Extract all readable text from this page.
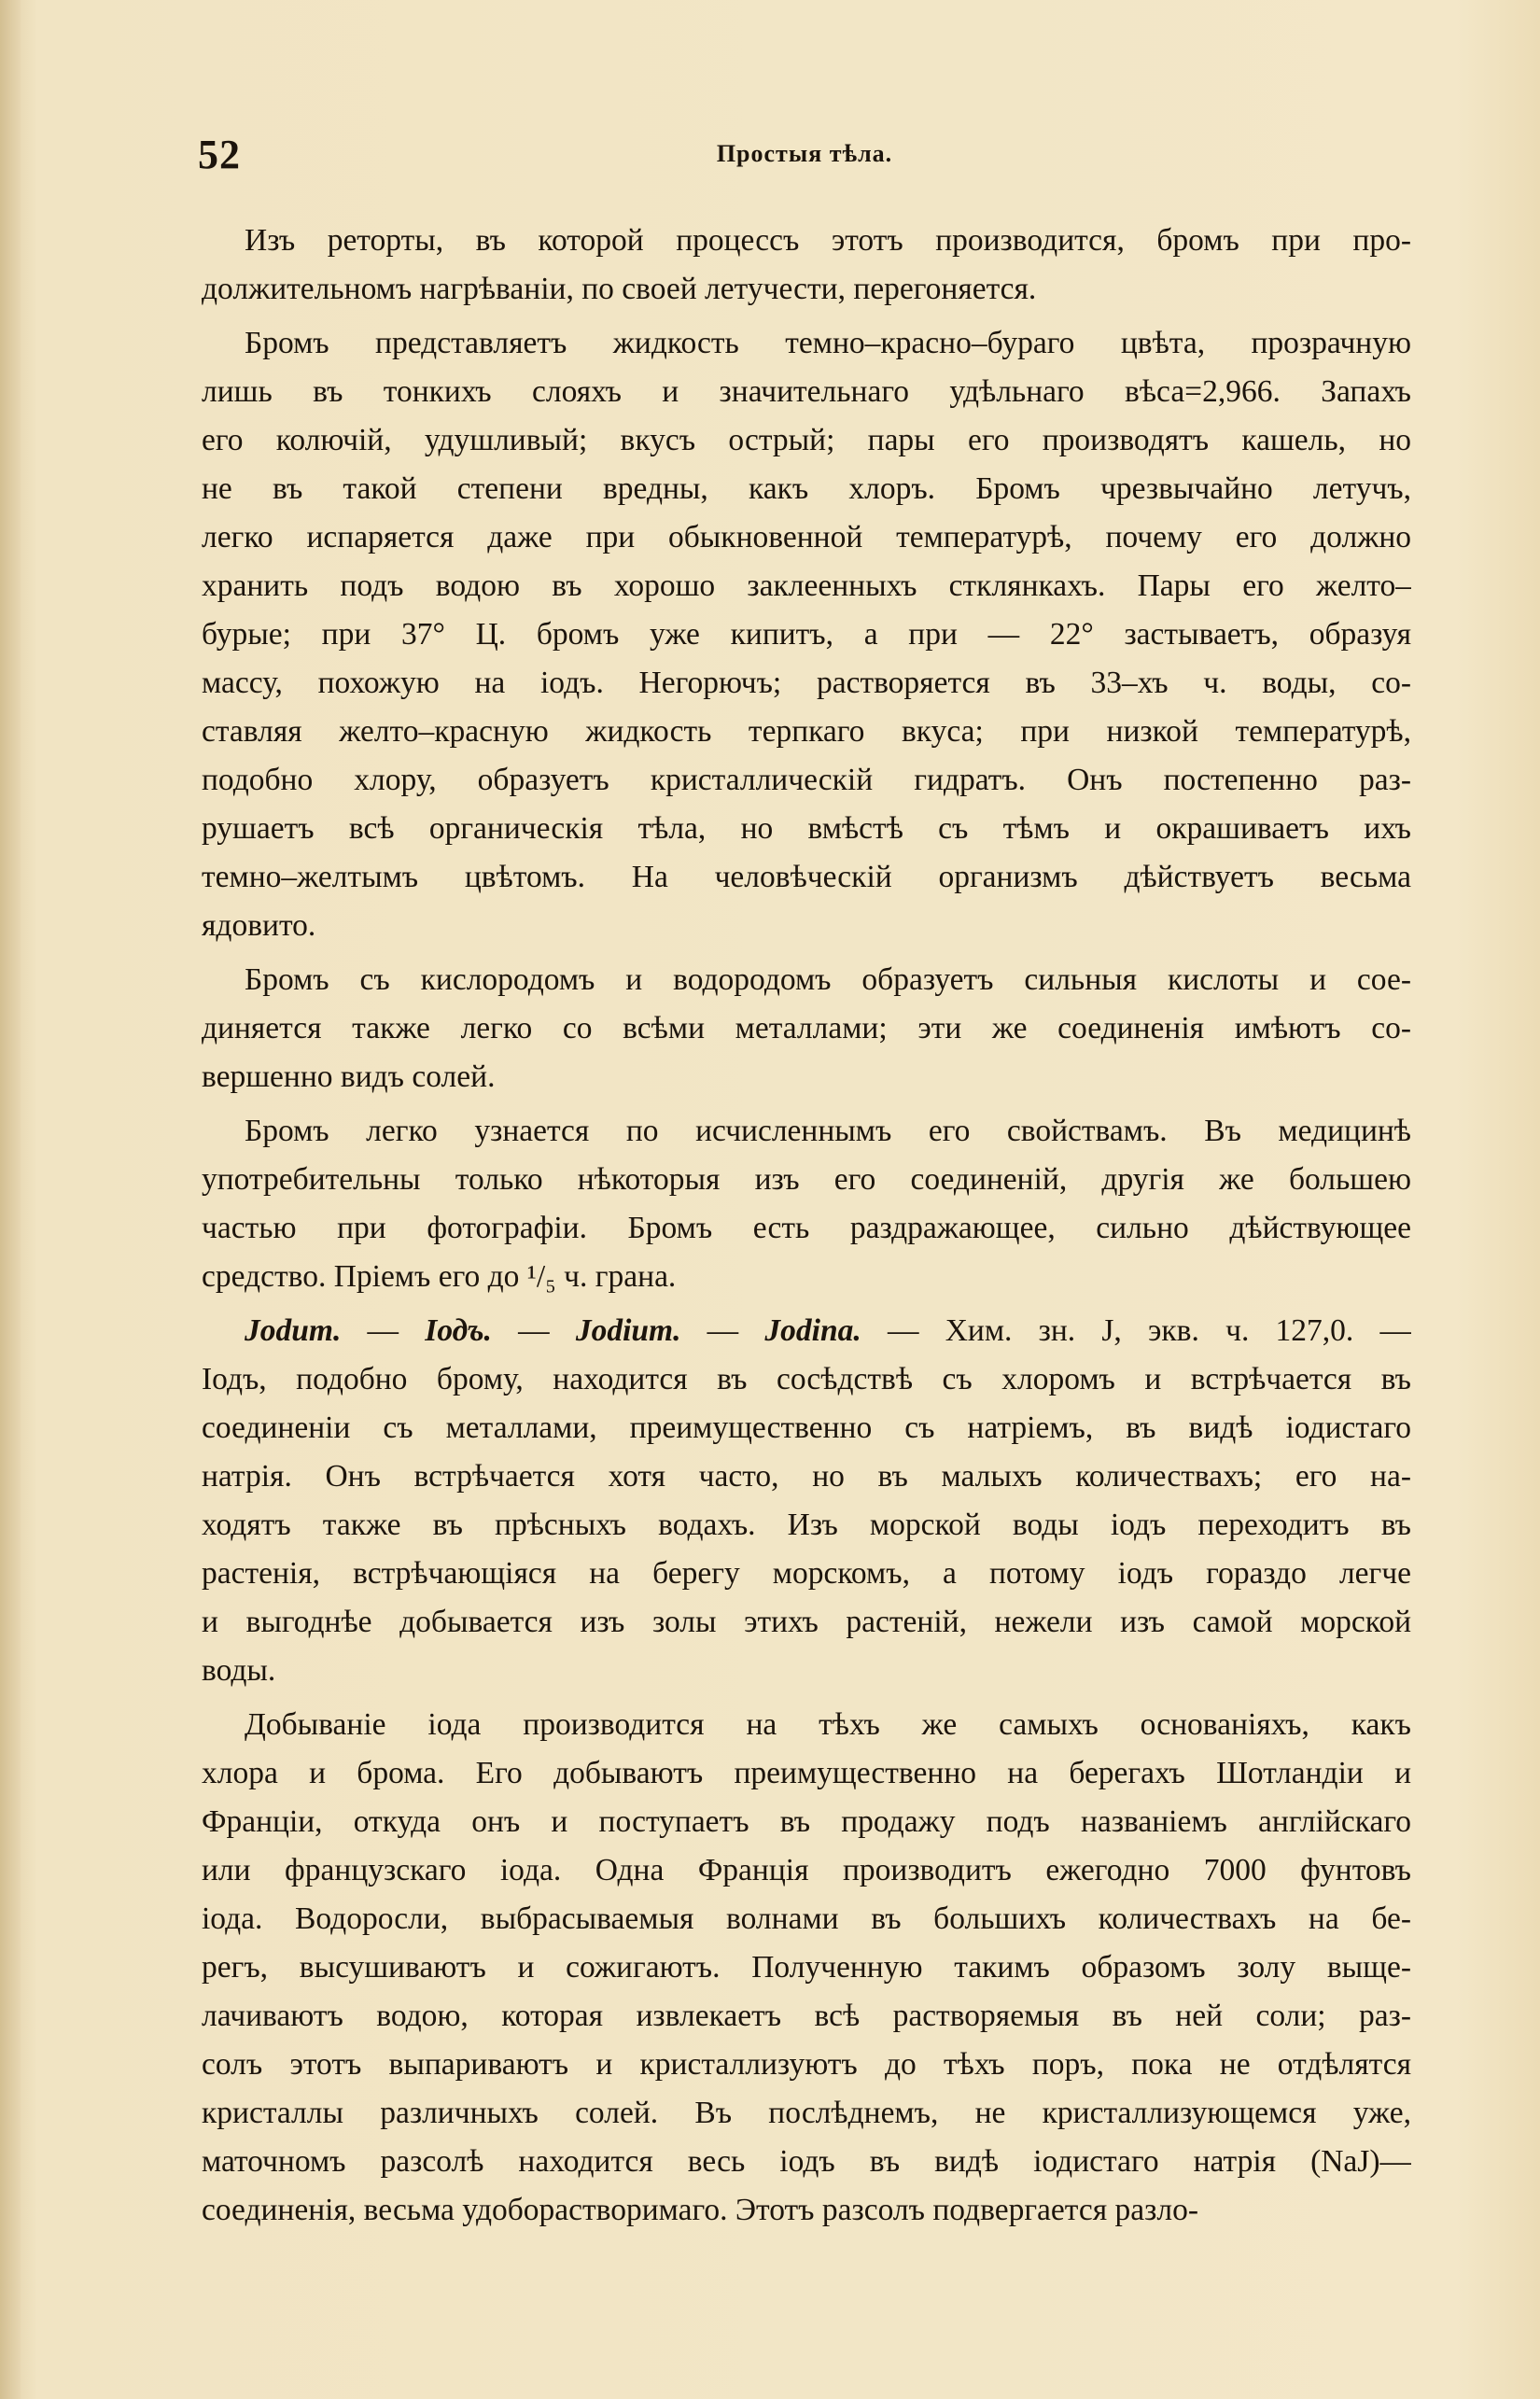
52	Простыя тѣла.
Изъ реторты, въ которой процессъ этотъ производится, бромъ при про-
должительномъ нагрѣваніи, по своей летучести, перегоняется.
Бромъ представляетъ жидкость темно–красно–бураго цвѣта, прозрачную
лишь въ тонкихъ слояхъ и значительнаго удѣльнаго вѣса=2,966. Запахъ
его колючій, удушливый; вкусъ острый; пары его производятъ кашель, но
не въ такой степени вредны, какъ хлоръ. Бромъ чрезвычайно летучъ,
легко испаряется даже при обыкновенной температурѣ, почему его должно
хранить подъ водою въ хорошо заклеенныхъ стклянкахъ. Пары его желто–
бурые; при 37° Ц. бромъ уже кипитъ, а при — 22° застываетъ, образуя
массу, похожую на іодъ. Негорючъ; растворяется въ 33–хъ ч. воды, со-
ставляя желто–красную жидкость терпкаго вкуса; при низкой температурѣ,
подобно хлору, образуетъ кристаллическій гидратъ. Онъ постепенно раз-
рушаетъ всѣ органическія тѣла, но вмѣстѣ съ тѣмъ и окрашиваетъ ихъ
темно–желтымъ цвѣтомъ. На человѣческій организмъ дѣйствуетъ весьма
ядовито.
Бромъ съ кислородомъ и водородомъ образуетъ сильныя кислоты и сое-
диняется также легко со всѣми металлами; эти же соединенія имѣютъ со-
вершенно видъ солей.
Бромъ легко узнается по исчисленнымъ его свойствамъ. Въ медицинѣ
употребительны только нѣкоторыя изъ его соединеній, другія же большею
частью при фотографіи. Бромъ есть раздражающее, сильно дѣйствующее
средство. Пріемъ его до ¹/₅ ч. грана.
Jodum. — Іодъ. — Jodium. — Jodina. — Хим. зн. J, экв. ч. 127,0. —
Іодъ, подобно брому, находится въ сосѣдствѣ съ хлоромъ и встрѣчается въ
соединеніи съ металлами, преимущественно съ натріемъ, въ видѣ іодистаго
натрія. Онъ встрѣчается хотя часто, но въ малыхъ количествахъ; его на-
ходятъ также въ прѣсныхъ водахъ. Изъ морской воды іодъ переходитъ въ
растенія, встрѣчающіяся на берегу морскомъ, а потому іодъ гораздо легче
и выгоднѣе добывается изъ золы этихъ растеній, нежели изъ самой морской
воды.
Добываніе іода производится на тѣхъ же самыхъ основаніяхъ, какъ
хлора и брома. Его добываютъ преимущественно на берегахъ Шотландіи и
Франціи, откуда онъ и поступаетъ въ продажу подъ названіемъ англійскаго
или французскаго іода. Одна Франція производитъ ежегодно 7000 фунтовъ
іода. Водоросли, выбрасываемыя волнами въ большихъ количествахъ на бе-
регъ, высушиваютъ и сожигаютъ. Полученную такимъ образомъ золу выще-
лачиваютъ водою, которая извлекаетъ всѣ растворяемыя въ ней соли; раз-
солъ этотъ выпариваютъ и кристаллизуютъ до тѣхъ поръ, пока не отдѣлятся
кристаллы различныхъ солей. Въ послѣднемъ, не кристаллизующемся уже,
маточномъ разсолѣ находится весь іодъ въ видѣ іодистаго натрія (NaJ)—
соединенія, весьма удоборастворимаго. Этотъ разсолъ подвергается разло-
